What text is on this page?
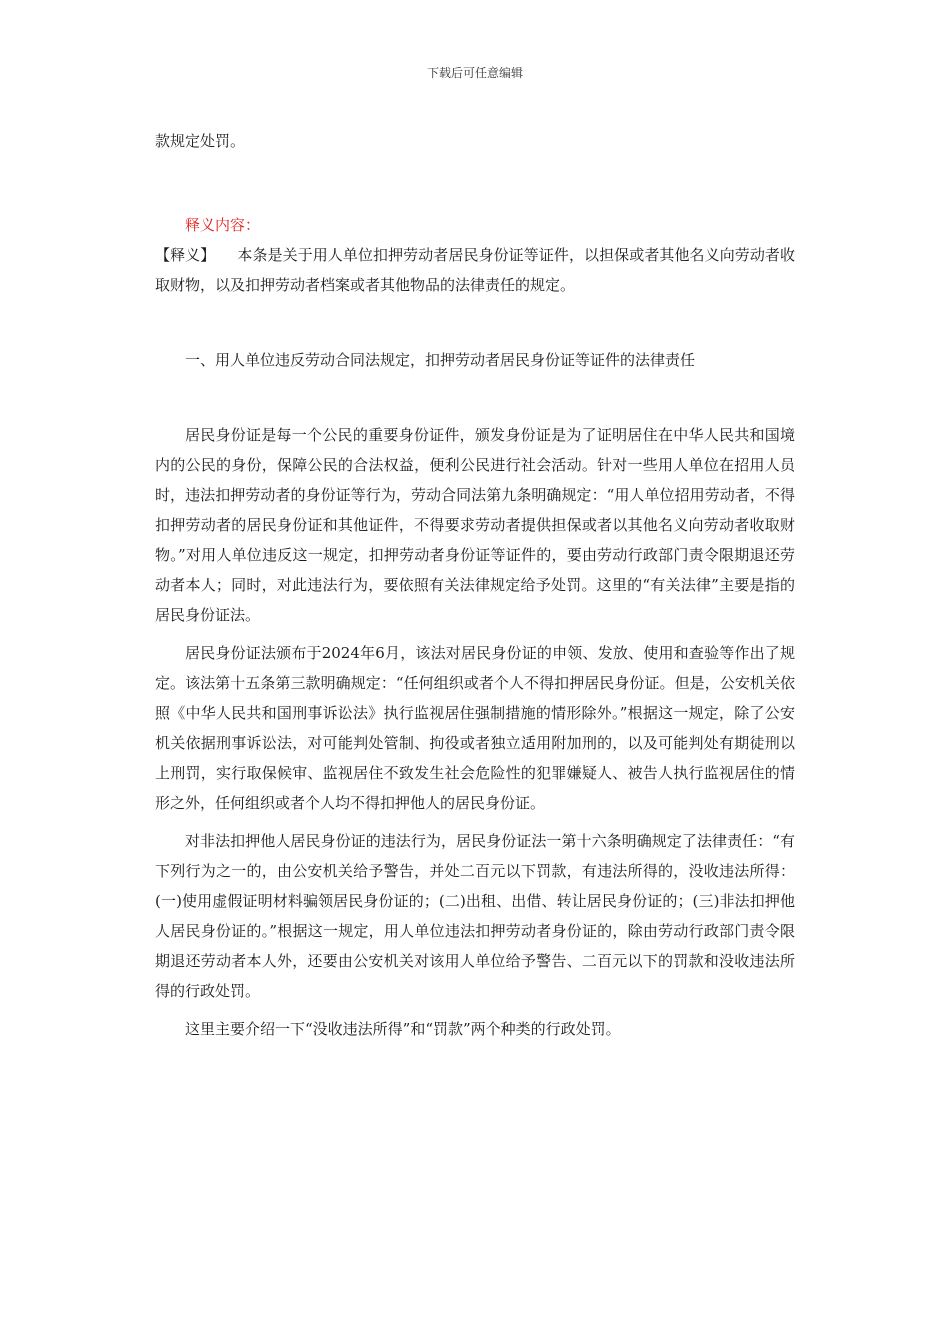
下载后可任意编辑

款规定处罚。

释义内容：

【释义】 本条是关于用人单位扣押劳动者居民身份证等证件，以担保或者其他名义向劳动者收取财物，以及扣押劳动者档案或者其他物品的法律责任的规定。

一、用人单位违反劳动合同法规定，扣押劳动者居民身份证等证件的法律责任

居民身份证是每一个公民的重要身份证件，颁发身份证是为了证明居住在中华人民共和国境内的公民的身份，保障公民的合法权益，便利公民进行社会活动。针对一些用人单位在招用人员时，违法扣押劳动者的身份证等行为，劳动合同法第九条明确规定：“用人单位招用劳动者，不得扣押劳动者的居民身份证和其他证件，不得要求劳动者提供担保或者以其他名义向劳动者收取财物。”对用人单位违反这一规定，扣押劳动者身份证等证件的，要由劳动行政部门责令限期退还劳动者本人；同时，对此违法行为，要依照有关法律规定给予处罚。这里的“有关法律”主要是指的居民身份证法。

居民身份证法颁布于2024年6月，该法对居民身份证的申领、发放、使用和查验等作出了规定。该法第十五条第三款明确规定：“任何组织或者个人不得扣押居民身份证。但是，公安机关依照《中华人民共和国刑事诉讼法》执行监视居住强制措施的情形除外。”根据这一规定，除了公安机关依据刑事诉讼法，对可能判处管制、拘役或者独立适用附加刑的，以及可能判处有期徒刑以上刑罚，实行取保候审、监视居住不致发生社会危险性的犯罪嫌疑人、被告人执行监视居住的情形之外，任何组织或者个人均不得扣押他人的居民身份证。

对非法扣押他人居民身份证的违法行为，居民身份证法一第十六条明确规定了法律责任：“有下列行为之一的，由公安机关给予警告，并处二百元以下罚款，有违法所得的，没收违法所得：(一)使用虚假证明材料骗领居民身份证的；(二)出租、出借、转让居民身份证的；(三)非法扣押他人居民身份证的。”根据这一规定，用人单位违法扣押劳动者身份证的，除由劳动行政部门责令限期退还劳动者本人外，还要由公安机关对该用人单位给予警告、二百元以下的罚款和没收违法所得的行政处罚。

这里主要介绍一下“没收违法所得”和“罚款”两个种类的行政处罚。
